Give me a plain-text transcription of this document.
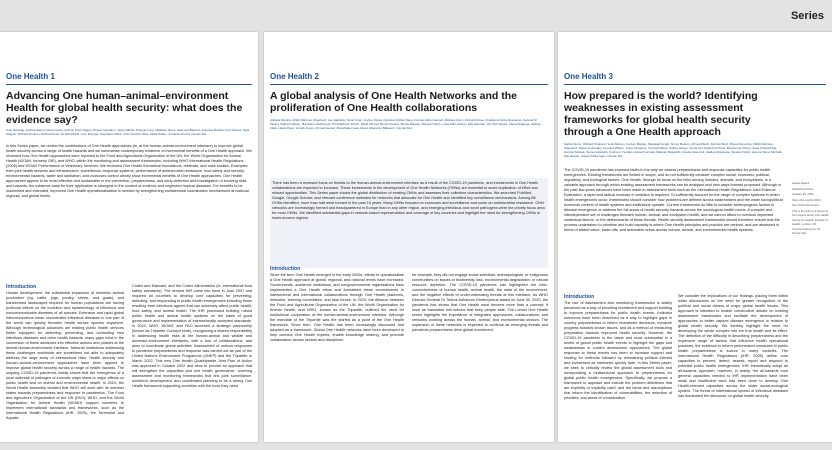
Series
One Health 1
Advancing One human–animal–environment Health for global health security: what does the evidence say?
Amit Zinsstag, Andrew Eaton Cavell-rosser, Kathrin Felix Kälgen, Rupert Seesfarm, Jaya Gabriel, Preeyar Corp, Matthias Siena, Hasmeet Barrera, Ansuane Burdett, Fero Dubed, Olga Wagner, Richard Hudson, Richard Kock, Ira Maranfield, Lucy Dounge, Stephanie Mack, Victor del Rio Vilas, Stella Daltus, Armando Zumla, Osman Dar
In this Series paper, we review the contributions of One Health approaches (ie, at the human-animal-environment interface) to improve global health security across a range of health hazards and we summarise contemporary evidence of incremental benefits of a One Health approach. We reviewed how One Health approaches were reported to the Food and Agricultural Organization of the UN, the World Organisation for Animal Health (WOAH, formerly OIE), and WHO, within the monitoring and assessment frameworks, including WHO International Health Regulations (2005) and WOAH Performance of Veterinary Services. We reviewed One Health theoretical foundations, methods, and case studies. Examples from joint health services and infrastructure, surveillance–response systems, performance of antimicrobial resistance, food safety and security, environmental hazards, water and sanitation, and zoonoses control clearly show incremental benefits of One Health approaches. One Health approaches appear to be most effective and sustainable in the prevention, preparedness, and early detection and investigation of evolving risks and hazards; the evidence base for their application is strongest in the context of endemic and neglected tropical diseases. For benefits to be maximised and extended, improved One Health operationalisation is needed by strengthening multisectoral coordination mechanisms at national, regional, and global levels.
Introduction
Human development, the substantial expansion of domestic animal production (eg, cattle, pigs, poultry, sheep, and goats), and transformed landscapes required for human populations are having profound effects on the evolution and epidemiology of infectious and noncommunicable diseases of all species. Extensive and rapid global interconnections mean uncontrolled infectious diseases in one part of the world can quickly threaten health across species anywhere. Although technological advances are making public health services better equipped for detecting, preventing, and controlling new infectious diseases and other health hazards, many gaps exist in the conversion of these advances into effective actions and policies at the animal-human-environment interface. National institutions addressing these challenges worldwide are sometimes not able to adequately address the large array of intersectoral risks. Health security and human–animal–environment approaches have been applied to improve global health security across a range of health hazards. The ongoing COVID-19 pandemic vividly shows that the emergence of a local outbreak of pathogen of zoonotic origin leads to major effects on public health and on animal and environmental health. In 2010, the World Health Assembly decided that WHO will work with its member states towards preparedness and response to pandemics. The Food and Agriculture Organization of the UN (FAO), WHO, and the World Organisation for Animal Health (WOAH) support countries to implement international standards and frameworks, such as the International Health Regulations (IHR, 2005), the Terrestrial and Aquatic
Codes and Manuals, and the Codex Alimentarius (ie, international food safety standards). The revised IHR came into force in June 2007 and required all countries to develop core capacities for preventing, detecting, and responding to public health emergencies including those resulting from infectious agents that can adversely affect public health, food safety, and animal health. The IHR processed building robust public health and animal health systems on the basis of good governance and implementation of intersectorally accepted standards. In 2010, WHO, WOAH, and FAO launched a strategic partnership (known as Tripartite Concept Note), recognising a shared responsibility in addressing health risks at the human-animal and wildlife and domestic-environment interfaces, with a tour of collaborations, and aims to coordinate global activities. Assessment of various responses to pandemic preparedness and response was carried out as part of the United Nations Environment Programme (UNEP) and the Tripartite in March 2022. This new One Health Quadripartite Joint Plan of Action was approved in October 2022 and aims to provide an approach that will strengthen the capacities and one health governance, covering assessment and monitoring frameworks that link joint surveillance, workforce development, and coordinated planning to be a strong One Health framework supporting countries with the tools they need.
One Health 2
A global analysis of One Health Networks and the proliferation of One Health collaborations
Adriana Mwoba, Afifah Rahman-Shepherd, Leo Habisher, Scott Cmel, Joyline Kinwa, Karoline Kirkfan Rang, Osman Adriel Hamad, Melissa Quinn, Richard Rose, Chatlayna Ruiza Ressanuo, Samuel M Tanimi, Mathew Weser, Marcilano Redbourgh, Dil Pellebrum Kirsch, Zahid Ahmad, Brown Duwell, Tamas Riauwa, Tamara Tuboh, Lusia Mikl Johann, Ella Hamhan, Ulu Wyf Idrissa, Claire Drajenga, Zabina Irfadi, Hasta Perer, Linnah Ayumi, Ahmed Hessef, Manoharan Lieto Abeal, Ebenezer Bakuunh, Osman Dar
There has been a renewed focus on threats to the human-animal-environment interface as a result of the COVID-19 pandemic, and investments in One Health collaborations are expected to increase. These investments in the development of One Health Networks (OHNs) are essential to avoid duplication of effort and missed opportunities. This Series paper shows the global distribution of existing OHNs and assesses their collective characteristics. We searched PubMed, Google, Google Scholar, and relevant conference websites for networks that advocate for One Health and identified key surveillance mechanisms. Among 88 OHNs identified, more than half were formed in the past 10 years. Many OHNs focused on zoonoses and surveillance and some on antimicrobial resistance. OHN networks are increasingly formed and headquartered in Europe than in any other region, and emerging infectious and novel pathogens were the priority focus area for most OHNs. We identified substantial gaps in network-based representation and coverage of key countries and highlight the need for strengthening OHNs in lower-income regions.
Introduction
Since the term One Health emerged in the early 2000s, efforts to operationalise a One Health approach at global, regional, and national levels have increased. Governments, academic institutions, and nongovernmental organisations have implemented a One Health ethos and formalised these commitments to intersectoral and international collaborations through One Health platforms, networks, steering committees, and task forces. In 2010, the Alliance between the Food and Agricultural Organization of the UN, the World Organisation for Animal Health, and WHO, known as the Tripartite, outlined the need for institutional cooperation at the human-animal-environment interface. Although the mandate of the Tripartite was the started as a point of the One Health framework, Since then, One Health has been increasingly discussed and adopted as a framework. Global One Health networks have been developed to help connect One Health experts, enable knowledge sharing, and promote collaboration across sectors and disciplines.
for example, they did not engage social scientists, anthropologists, or indigenous communities on issues of biodiversity loss, environmental degradation, or natural resource depletion. The COVID-19 pandemic has highlighted the inter-connectedness of human health, animal health, the state of the environment, and the negative effects of under-estimating threats at this interface. As WHO Director-General Dr Tedros Adhanom Ghebreyesus stated on June 30, 2020, the pandemic has shown that One Health must become more than a concept; it must be translated into actions that keep people safe. The Lancet One Health series highlights the importance of integrated approaches, collaborations, and networks working across the human, animal, and environmental sectors. The expansion of these networks is expected to continue as emerging threats and pandemic preparedness drive global investment.
One Health 3
How prepared is the world? Identifying weaknesses in existing assessment frameworks for global health security through a One Health approach
Sahdo Sumo, Richard Shepard, Scott Marcus, Kudum Biaralu, Nkapsaid Ismail, Simon Mokum, Ahmed Mwizi, Farhuki Bord, Miguel Karumba, Afifah Rahman-Shepherd, Adwet Imoboidey, Leonard Wilson, Joyan Chapmer, Omondi Mihos, Sidney Ahugo, Sonia Chi, Stella Kofi Peter, Ebinsuong Odiyor, Sosa Chayachhal, Hamza Tokuwa, Teuren Aidanshi, Kushorm Ya Allan, Asiva Kyonnaki, Marivan Mwashihi, Amelia Jane Ardi, Hadiya Moweswe, Tamara Tuboh, Hamza Tanai, Michelle Manoharan, Joseph Mata Agen, Osman Dar
The COVID-19 pandemic has exposed faults in the way we assess preparedness and response capacities for public health emergencies. Existing frameworks are limited in scope, and do not sufficiently consider complex social, economic, political, regulatory, and ecological factors. One Health, through its focus on the links among humans, animals, and ecosystems, is a valuable approach through which existing assessment frameworks can be analysed and new ways forward proposed. Although in the past few years advances have been made in assessment tools such as the International Health Regulations Joint External Evaluation, a rapid and radical increase in ambition is required. To sufficiently account for the range of complex systems in which health emergencies occur, frameworks should consider how problems are defined across stakeholders and the wider sociopolitical economic context of health systems and institutions operate. Current frameworks do little to consider anthropogenic factors in disease emergence or address the full arena of health security hazards across the sociological-health nexus. A complex and interdependent set of challenges threaten human, animal, and ecosystem health, and we cannot afford to overlook important contextual factors, or the determinants of those threats. Health security assessment frameworks should therefore ensure that the process undertaken to prioritise and build capacity is where One Health principles and practice are centred, and are assessed in terms of added value, trade-offs, and actionable areas across human, animal, and environmental health systems.
Introduction
The use of assessment and monitoring frameworks is widely perceived as a way of providing investment and support building to improve preparedness for public health events. Indicator outcomes have been described as a way to highlight gaps in country preparedness to inform investment decisions, measure progress towards known issues, and as a method of measuring preparation towards improved health security. However, the COVID-19 pandemic is the latest and most substantial in a series of global public health events to highlight the gaps and weaknesses in current assessment approaches. The global response to these events has been to increase support and funding for methods followed by diminishing political interest and investment as memories quickly fade. In this Series paper, we seek to critically review the global assessment tools and incorporating a multisectoral approach to preparedness for global public health emergencies. Specifically, we propose a framework to appraise and include the problem definitions that are explicitly or implicitly used, and the ideas and assumptions that inform the identification of vulnerabilities, the selection of priorities, and areas of consideration.
We consider the implications of our findings, placing them within wider discussions on the need for greater recognition of the political and social drivers of major global health issues. This approach is intended to enable constructive debate on existing assessment frameworks and facilitate the development of approaches to better capture disease emergence in relation to global health security. We thereby highlight the need for developing the whole complex into the true health and its effect. The definition of the difficulty in describing preparedness and the expansive range of factors that influence health operational practices, the evidence to inform performance measures in public health preparedness is scarce in many contexts. The International Health Regulations (IHR, 2005) define core capacities to prevent, detect, assess, report and respond to potential public health emergencies. IHR theoretically adopt an all-hazards approach; however, in reality, the all-hazards core general capacities needed to IHR implementation have been weak and insufficient work has been done to develop One Health-relevant capacities across the wider social-ecological system. The threat of international spread of infectious diseases has dominated the discourse on global health security.
Lancet Series
Published Online
January 26, 2023
https://doi.org/10.1016/
See Online/Comment
This is the third in a Series of four papers about One Health
Centre for Health, Institute of Health, London, UK
Correspondence to: Dr Osman Dar
